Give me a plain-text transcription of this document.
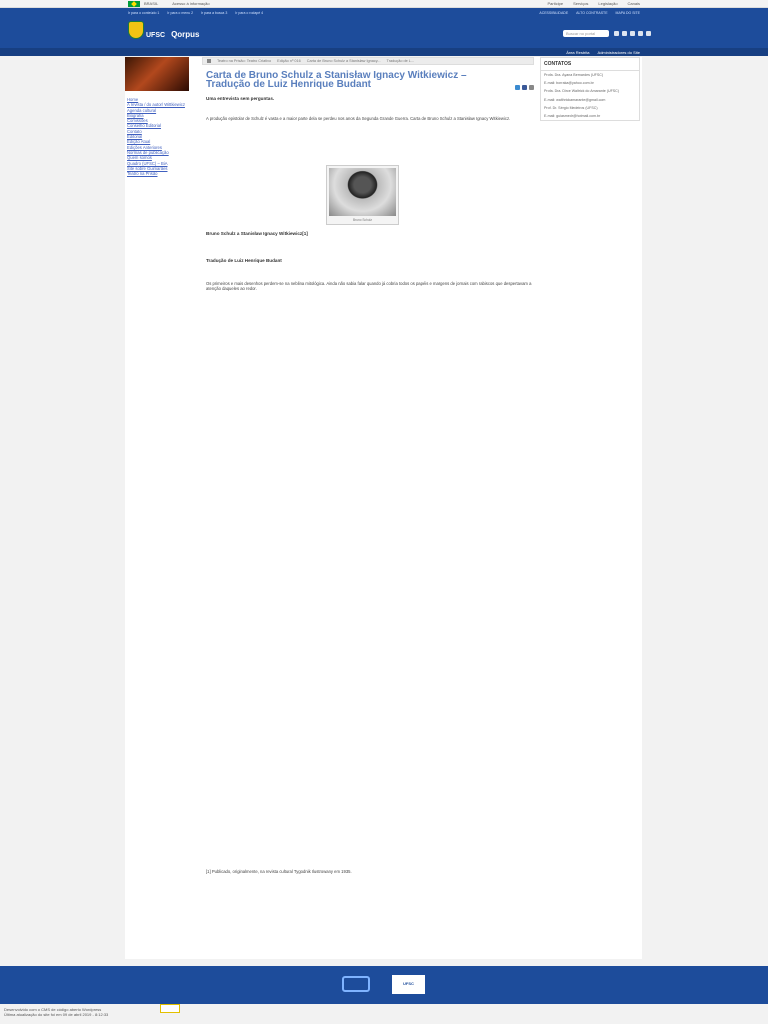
BRASIL	Acesso à informação	Participe	Serviços	Legislação	Canais
Ir para o conteúdo 1 Ir para o menu 2 Ir para a busca 3 Ir para o rodapé 4	ACESSIBILIDADE ALTO CONTRASTE MAPA DO SITE
UFSC Qorpus	Buscar no portal
Área Restrita Administradores do Site
Home
A revista / do autor/ Wittkiewicz
Agenda cultural
Biografia
Comissões
Conselho Editorial
Contato
Editorial
Edição Atual
Edições Anteriores
Normas de publicação
Quem somos
Quadro (UFSC) – BiA
Site sobre Guimarães
Teatro na Prisão
Teatro na Prisão: Teatro Criativo Edição nº 016 Carta de Bruno Schulz a Stanisław Ignacy... Tradução de L...
Carta de Bruno Schulz a Stanisław Ignacy Witkiewicz – Tradução de Luiz Henrique Budant

Uma entrevista sem perguntas.

A produção epistolar de Schulz é vasta e a maior parte dela se perdeu nos anos da Segunda Grande Guerra. Carta de Bruno Schulz a Stanisław Ignacy Witkiewicz.

Bruno Schulz

Bruno Schulz a Stanisław Ignacy Witkiewicz[1]

Tradução de Luiz Henrique Budant

Os primeiros e mais desenhos perdem-se na neblina mitológica. Ainda não sabia falar quando já cobria todos os papéis e margens de jornais com rabiscos que despertavam a atenção daqueles ao redor.

[1] Publicado, originalmente, na revista cultural Tygodnik Ilustrowany em 1935.

CONTATOS

Profa. Dra. Ayana Bernardes (UFSC)

E-mail: borraka@yahoo.com.br

Profa. Dra. Dirce Waltrick do Amarante (UFSC)

E-mail: walthrickamarante@gmail.com

Prof. Dr. Sérgio Medeiros (UFSC)

E-mail: guiasmedr@hotmail.com.br

UFSC
Desenvolvido com o CMS de código aberto Wordpress
Última atualização do site foi em 09 de abril 2019 - 8:12:33
